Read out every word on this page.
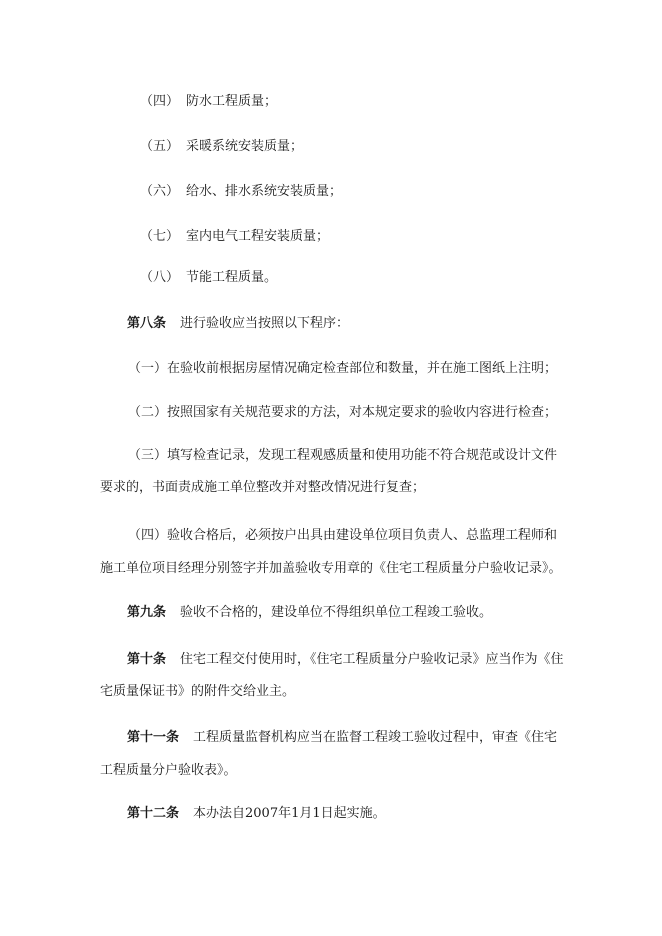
（四） 防水工程质量；
（五） 采暖系统安装质量；
（六） 给水、排水系统安装质量；
（七） 室内电气工程安装质量；
（八） 节能工程质量。
第八条 进行验收应当按照以下程序：
（一）在验收前根据房屋情况确定检查部位和数量，并在施工图纸上注明；
（二）按照国家有关规范要求的方法，对本规定要求的验收内容进行检查；
（三）填写检查记录，发现工程观感质量和使用功能不符合规范或设计文件
要求的，书面责成施工单位整改并对整改情况进行复查；
（四）验收合格后，必须按户出具由建设单位项目负责人、总监理工程师和
施工单位项目经理分别签字并加盖验收专用章的《住宅工程质量分户验收记录》。
第九条 验收不合格的，建设单位不得组织单位工程竣工验收。
第十条 住宅工程交付使用时，《住宅工程质量分户验收记录》应当作为《住
宅质量保证书》的附件交给业主。
第十一条 工程质量监督机构应当在监督工程竣工验收过程中，审查《住宅
工程质量分户验收表》。
第十二条 本办法自2007年1月1日起实施。
